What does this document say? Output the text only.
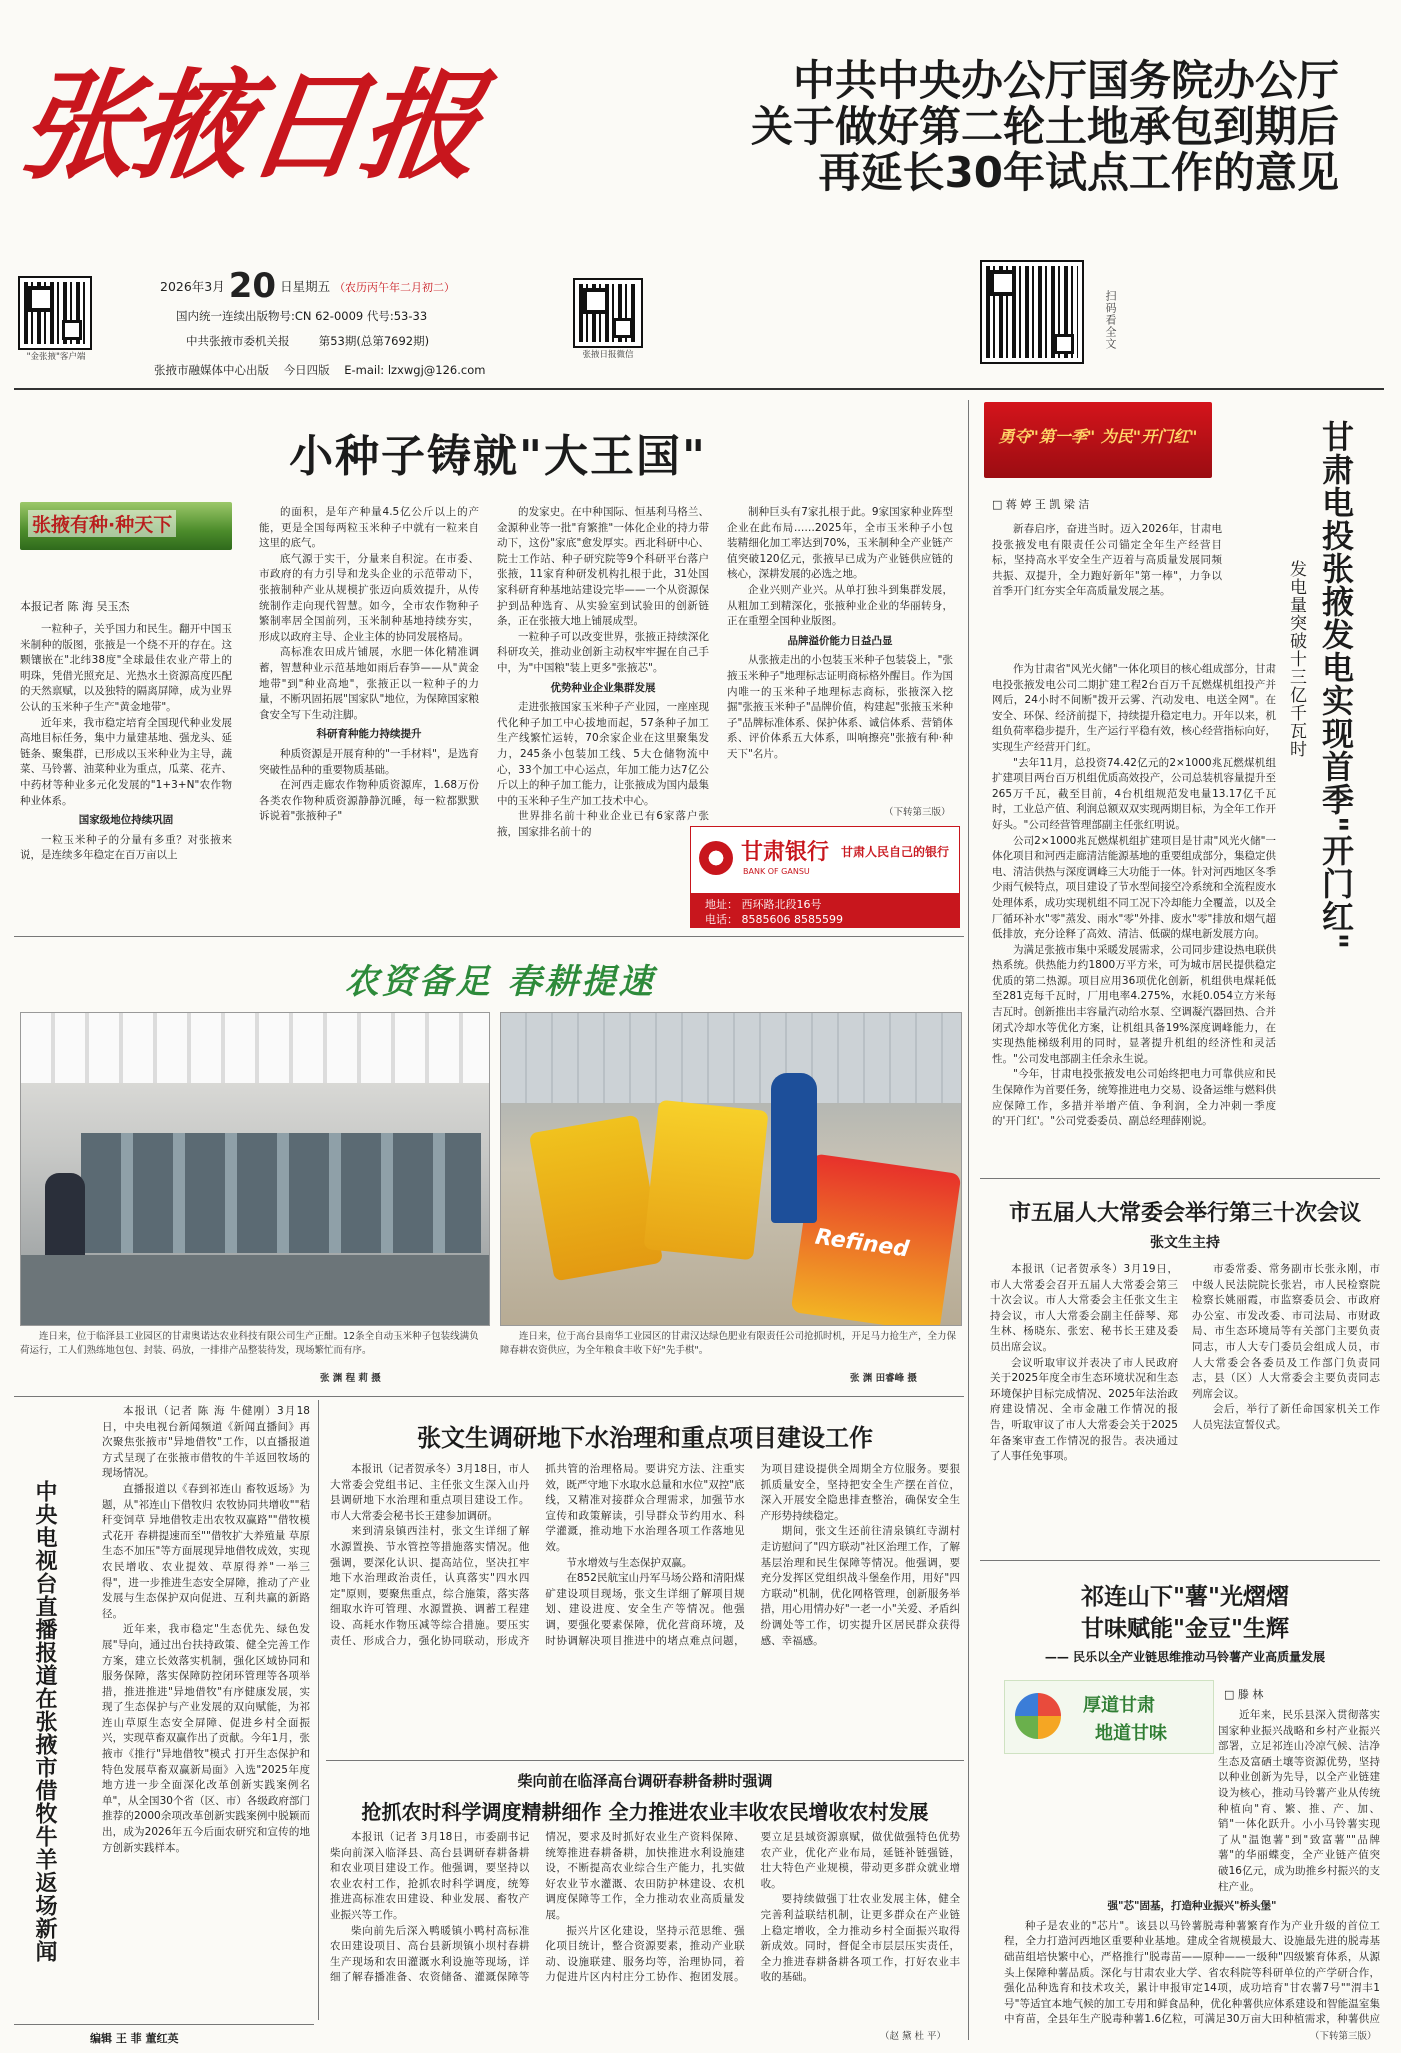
张掖日报	中共中央办公厅国务院办公厅
关于做好第二轮土地承包到期后
再延长30年试点工作的意见
"金张掖"客户端
2026年3月 20 日星期五 （农历丙午年二月初二）
国内统一连续出版物号:CN 62-0009 代号:53-33
中共张掖市委机关报        第53期(总第7692期)
张掖市融媒体中心出版    今日四版    E-mail: lzxwgj@126.com
张掖日报微信
扫码看全文
小种子铸就"大王国"
张掖有种·种天下
本报记者 陈 海 吴玉杰

一粒种子，关乎国力和民生。翻开中国玉米制种的版图，张掖是一个绕不开的存在。这颗镶嵌在"北纬38度"全球最佳农业产带上的明珠，凭借光照充足、光热水土资源高度匹配的天然禀赋，以及独特的隔离屏障，成为业界公认的玉米种子生产"黄金地带"。

近年来，我市稳定培育全国现代种业发展高地目标任务，集中力量建基地、强龙头、延链条、聚集群，已形成以玉米种业为主导，蔬菜、马铃薯、油菜种业为重点，瓜菜、花卉、中药材等种业多元化发展的"1+3+N"农作物种业体系。

国家级地位持续巩固

一粒玉米种子的分量有多重？对张掖来说，是连续多年稳定在百万亩以上

的面积，是年产种量4.5亿公斤以上的产能，更是全国每两粒玉米种子中就有一粒来自这里的底气。

底气源于实干，分量来自积淀。在市委、市政府的有力引导和龙头企业的示范带动下，张掖制种产业从规模扩张迈向质效提升，从传统制作走向现代智慧。如今，全市农作物种子繁制率居全国前列，玉米制种基地持续夯实，形成以政府主导、企业主体的协同发展格局。

高标准农田成片铺展，水肥一体化精准调蓄，智慧种业示范基地如雨后春笋——从"黄金地带"到"种业高地"，张掖正以一粒种子的力量，不断巩固拓展"国家队"地位，为保障国家粮食安全写下生动注脚。

科研育种能力持续提升

种质资源是开展育种的"一手材料"，是选育突破性品种的重要物质基础。

在河西走廊农作物种质资源库，1.68万份各类农作物种质资源静静沉睡，每一粒都默默诉说着"张掖种子"

的发家史。在中种国际、恒基利马格兰、金源种业等一批"育繁推"一体化企业的持力带动下，这份"家底"愈发厚实。西北科研中心、院士工作站、种子研究院等9个科研平台落户张掖，11家育种研发机构扎根于此，31处国家科研育种基地站建设完毕——一个从资源保护到品种选育、从实验室到试验田的创新链条，正在张掖大地上铺展成型。

一粒种子可以改变世界，张掖正持续深化科研攻关，推动业创新主动权牢牢握在自己手中，为"中国粮"装上更多"张掖芯"。

优势种业企业集群发展

走进张掖国家玉米种子产业园，一座座现代化种子加工中心拔地而起，57条种子加工生产线繁忙运转，70余家企业在这里聚集发力，245条小包装加工线、5大仓储物流中心，33个加工中心运点，年加工能力达7亿公斤以上的种子加工能力，让张掖成为国内最集中的玉米种子生产加工技术中心。

世界排名前十种业企业已有6家落户张掖，国家排名前十的

制种巨头有7家扎根于此。9家国家种业阵型企业在此布局……2025年，全市玉米种子小包装精细化加工率达到70%，玉米制种全产业链产值突破120亿元，张掖早已成为产业链供应链的核心，深耕发展的必选之地。

企业兴则产业兴。从单打独斗到集群发展，从粗加工到精深化，张掖种业企业的华丽转身，正在重塑全国种业版图。

品牌溢价能力日益凸显

从张掖走出的小包装玉米种子包装袋上，"张掖玉米种子"地理标志证明商标格外醒目。作为国内唯一的玉米种子地理标志商标，张掖深入挖掘"张掖玉米种子"品牌价值，构建起"张掖玉米种子"品牌标准体系、保护体系、诚信体系、营销体系、评价体系五大体系，叫响擦亮"张掖有种·种天下"名片。

（下转第三版）
甘肃银行
BANK OF GANSU
甘肃人民自己的银行
地址： 西环路北段16号
电话： 8585606 8585599
勇夺"第一季" 为民"开门红"	甘肃电投张掖发电实现首季"开门红"
发电量突破十三亿千瓦时
□ 蒋 婷 王 凯 梁 洁

新春启序，奋进当时。迈入2026年，甘肃电投张掖发电有限责任公司锚定全年生产经营目标，坚持高水平安全生产迈着与高质量发展同频共振、双提升，全力跑好新年"第一棒"，力争以首季开门红夯实全年高质量发展之基。

作为甘肃省"风光火储"一体化项目的核心组成部分，甘肃电投张掖发电公司二期扩建工程2台百万千瓦燃煤机组投产并网后，24小时不间断"拨开云雾、汽动发电、电送全网"。在安全、环保、经济前提下，持续提升稳定电力。开年以来，机组负荷率稳步提升，生产运行平稳有效，核心经营指标向好，实现生产经营开门红。

"去年11月，总投资74.42亿元的2×1000兆瓦燃煤机组扩建项目两台百万机组优质高效投产，公司总装机容量提升至265万千瓦，截至目前，4台机组规范发电量13.17亿千瓦时，工业总产值、利润总额双双实现两期目标，为全年工作开好头。"公司经营管理部副主任张红明说。

公司2×1000兆瓦燃煤机组扩建项目是甘肃"风光火储"一体化项目和河西走廊清洁能源基地的重要组成部分，集稳定供电、清洁供热与深度调峰三大功能于一体。针对河西地区冬季少雨气候特点，项目建设了节水型间接空冷系统和全流程废水处理体系，成功实现机组不同工况下冷却能力全覆盖，以及全厂循环补水"零"蒸发、雨水"零"外排、废水"零"排放和烟气超低排放，充分诠释了高效、清洁、低碳的煤电新发展方向。

为满足张掖市集中采暖发展需求，公司同步建设热电联供热系统。供热能力约1800万平方米，可为城市居民提供稳定优质的第二热源。项目应用36项优化创新，机组供电煤耗低至281克每千瓦时，厂用电率4.275%，水耗0.054立方米每吉瓦时。创新推出丰容量汽动给水泵、空调凝汽器回热、合并闭式冷却水等优化方案，让机组具备19%深度调峰能力，在实现热能梯级利用的同时，显著提升机组的经济性和灵活性。"公司发电部副主任余永生说。

"今年，甘肃电投张掖发电公司始终把电力可靠供应和民生保障作为首要任务，统筹推进电力交易、设备运维与燃料供应保障工作，多措并举增产值、争利润，全力冲刺一季度的'开门红'。"公司党委委员、副总经理薛刚说。

市五届人大常委会举行第三十次会议
张文生主持

本报讯（记者贺承冬）3月19日，市人大常委会召开五届人大常委会第三十次会议。市人大常委会主任张文生主持会议，市人大常委会副主任薛琴、郑生林、杨晓东、张宏、秘书长王建及委员出席会议。

会议听取审议并表决了市人民政府关于2025年度全市生态环境状况和生态环境保护目标完成情况、2025年法治政府建设情况、全市金融工作情况的报告，听取审议了市人大常委会关于2025年备案审查工作情况的报告。表决通过了人事任免事项。

市委常委、常务副市长张永刚，市中级人民法院院长张岩，市人民检察院检察长姚丽霞，市监察委员会、市政府办公室、市发改委、市司法局、市财政局、市生态环境局等有关部门主要负责同志，市人大专门委员会组成人员，市人大常委会各委员及工作部门负责同志，县（区）人大常委会主要负责同志列席会议。

会后，举行了新任命国家机关工作人员宪法宣誓仪式。

祁连山下"薯"光熠熠
甘味赋能"金豆"生辉
—— 民乐以全产业链思维推动马铃薯产业高质量发展
厚道甘肃
地道甘味
□ 滕 林

近年来，民乐县深入贯彻落实国家种业振兴战略和乡村产业振兴部署，立足祁连山冷凉气候、洁净生态及富硒土壤等资源优势，坚持以种业创新为先导，以全产业链建设为核心，推动马铃薯产业从传统种植向"育、繁、推、产、加、销"一体化跃升。小小马铃薯实现了从"温饱薯"到"致富薯""品牌薯"的华丽蝶变，全产业链产值突破16亿元，成为助推乡村振兴的支柱产业。

强"芯"固基，打造种业振兴"桥头堡"

种子是农业的"芯片"。该县以马铃薯脱毒种薯繁育作为产业升级的首位工程，全力打造河西地区重要种业基地。建成全省规模最大、设施最先进的脱毒基础苗组培快繁中心，严格推行"脱毒苗——原种——一级种"四级繁育体系，从源头上保障种薯品质。深化与甘肃农业大学、省农科院等科研单位的产学研合作，强化品种选育和技术攻关，累计申报审定14项，成功培育"甘农薯7号""渭丰1号"等适宜本地气候的加工专用和鲜食品种，优化种薯供应体系建设和智能温室集中育苗，全县年生产脱毒种薯1.6亿粒，可满足30万亩大田种植需求，种薯供应

（下转第三版）
农资备足 春耕提速
Refined
连日来，位于临泽县工业园区的甘肃奥诺达农业科技有限公司生产正酣。12条全自动玉米种子包装线满负荷运行，工人们熟练地包包、封装、码放，一排排产品整装待发，现场繁忙而有序。
张 渊 程 莉 摄
连日来，位于高台县南华工业园区的甘肃汉达绿色肥业有限责任公司抢抓时机，开足马力抢生产，全力保障春耕农资供应，为全年粮食丰收下好"先手棋"。
张 渊 田睿峰 摄
中央电视台直播报道在张掖市借牧牛羊返场新闻

本报讯（记者 陈 海 牛健刚）3月18日，中央电视台新闻频道《新闻直播间》再次聚焦张掖市"异地借牧"工作，以直播报道方式呈现了在张掖市借牧的牛羊返回牧场的现场情况。

直播报道以《春到祁连山 畜牧返场》为题，从"祁连山下借牧归 农牧协同共增收""秸秆变饲草 异地借牧走出农牧双赢路""借牧模式花开 春耕提速而至""借牧扩大养殖量 草原生态不加压"等方面展现异地借牧成效，实现农民增收、农业提效、草原得养"一举三得"，进一步推进生态安全屏障，推动了产业发展与生态保护双向促进、互利共赢的新路径。

近年来，我市稳定"生态优先、绿色发展"导向，通过出台扶持政策、健全完善工作方案，建立长效落实机制，强化区域协同和服务保障，落实保障防控闭环管理等各项举措，推进推进"异地借牧"有序健康发展，实现了生态保护与产业发展的双向赋能，为祁连山草原生态安全屏障、促进乡村全面振兴，实现草畜双赢作出了贡献。今年1月，张掖市《推行"异地借牧"模式 打开生态保护和特色发展草畜双赢新局面》入选"2025年度地方进一步全面深化改革创新实践案例名单"，从全国30个省（区、市）各级政府部门推荐的2000余项改革创新实践案例中脱颖而出，成为2026年五今后面农研究和宣传的地方创新实践样本。

张文生调研地下水治理和重点项目建设工作

本报讯（记者贺承冬）3月18日，市人大常委会党组书记、主任张文生深入山丹县调研地下水治理和重点项目建设工作。市人大常委会秘书长王建参加调研。

来到清泉镇西洼村，张文生详细了解水源置换、节水管控等措施落实情况。他强调，要深化认识、提高站位，坚决扛牢地下水治理政治责任，认真落实"四水四定"原则，要聚焦重点，综合施策，落实落细取水许可管理、水源置换、调蓄工程建设、高耗水作物压减等综合措施。要压实责任、形成合力，强化协同联动，形成齐抓共管的治理格局。要讲究方法、注重实效，既严守地下水取水总量和水位"双控"底线，又精准对接群众合理需求，加强节水宣传和政策解读，引导群众节约用水、科学灌溉，推动地下水治理各项工作落地见效。

节水增效与生态保护双赢。

在852民航宝山丹军马场公路和清阳煤矿建设项目现场，张文生详细了解项目规划、建设进度、安全生产等情况。他强调，要强化要素保障，优化营商环境，及时协调解决项目推进中的堵点难点问题，为项目建设提供全周期全方位服务。要狠抓质量安全，坚持把安全生产摆在首位，深入开展安全隐患排查整治，确保安全生产形势持续稳定。

期间，张文生还前往清泉镇红寺湖村走访慰问了"四方联动"社区治理工作，了解基层治理和民生保障等情况。他强调，要充分发挥区党组织战斗堡垒作用，用好"四方联动"机制，优化网格管理，创新服务举措，用心用情办好"一老一小"关爱、矛盾纠纷调处等工作，切实提升区居民群众获得感、幸福感。

柴向前在临泽高台调研春耕备耕时强调
抢抓农时科学调度精耕细作 全力推进农业丰收农民增收农村发展

本报讯（记者 3月18日，市委副书记柴向前深入临泽县、高台县调研春耕备耕和农业项目建设工作。他强调，要坚持以农业农村工作，抢抓农时科学调度，统筹推进高标准农田建设、种业发展、畜牧产业振兴等工作。

柴向前先后深入鸭暖镇小鸭村高标准农田建设项目、高台县新坝镇小坝村春耕生产现场和农田灌溉水利设施等现场，详细了解春播准备、农资储备、灌溉保障等情况，要求及时抓好农业生产资料保障、统筹推进春耕备耕，加快推进水利设施建设，不断提高农业综合生产能力，扎实做好农业节水灌溉、农田防护林建设、农机调度保障等工作，全力推动农业高质量发展。

振兴片区化建设，坚持示范思维、强化项目统计，整合资源要素，推动产业联动、设施联建、服务均等，治理协同，着力促进片区内村庄分工协作、抱团发展。要立足县域资源禀赋，做优做强特色优势农产业，优化产业布局，延链补链强链，壮大特色产业规模，带动更多群众就业增收。

要持续做强丁壮农业发展主体，健全完善利益联结机制，让更多群众在产业链上稳定增收，全力推动乡村全面振兴取得新成效。同时，督促全市层层压实责任，全力推进春耕备耕各项工作，打好农业丰收的基础。

（赵 黛 杜 平）
编辑 王 菲 董红英
